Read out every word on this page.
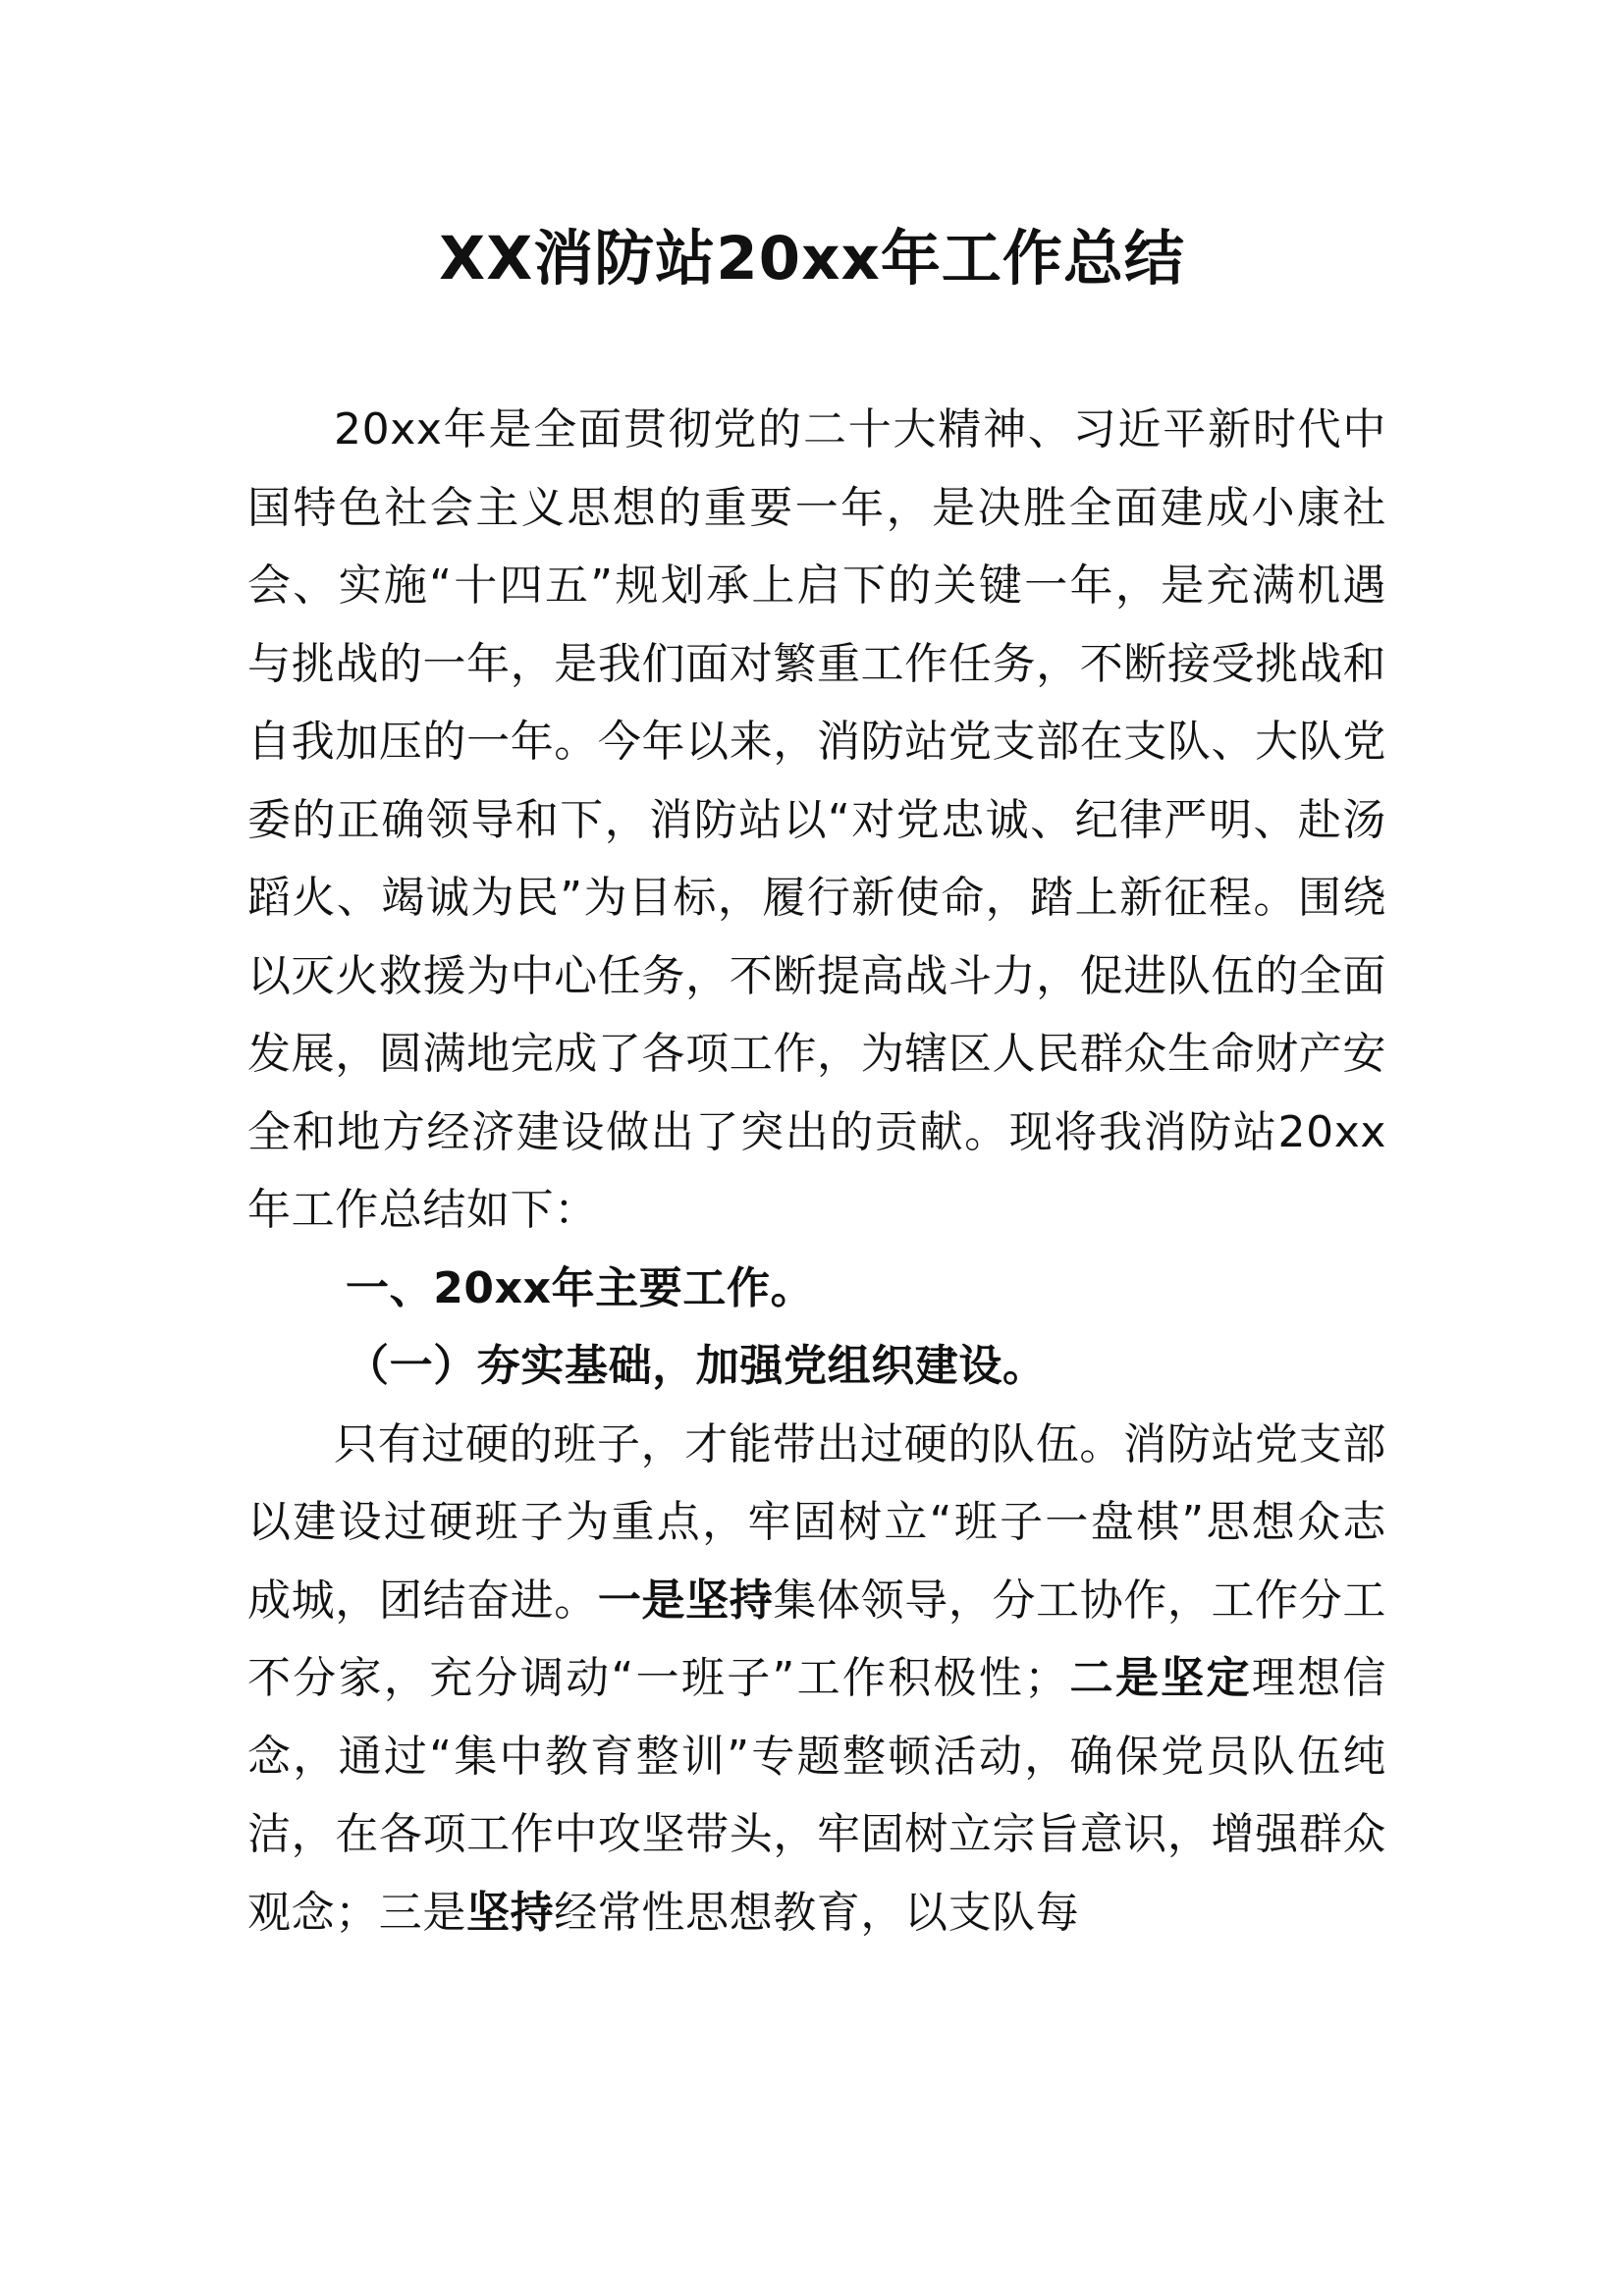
XX消防站20xx年工作总结

20xx年是全面贯彻党的二十大精神、习近平新时代中国特色社会主义思想的重要一年，是决胜全面建成小康社会、实施“十四五”规划承上启下的关键一年，是充满机遇与挑战的一年，是我们面对繁重工作任务，不断接受挑战和自我加压的一年。今年以来，消防站党支部在支队、大队党委的正确领导和下，消防站以“对党忠诚、纪律严明、赴汤蹈火、竭诚为民”为目标，履行新使命，踏上新征程。围绕以灭火救援为中心任务，不断提高战斗力，促进队伍的全面发展，圆满地完成了各项工作，为辖区人民群众生命财产安全和地方经济建设做出了突出的贡献。现将我消防站20xx年工作总结如下：

一、20xx年主要工作。

（一）夯实基础，加强党组织建设。

只有过硬的班子，才能带出过硬的队伍。消防站党支部以建设过硬班子为重点，牢固树立“班子一盘棋”思想众志成城，团结奋进。一是坚持集体领导，分工协作，工作分工不分家，充分调动“一班子”工作积极性；二是坚定理想信念，通过“集中教育整训”专题整顿活动，确保党员队伍纯洁，在各项工作中攻坚带头，牢固树立宗旨意识，增强群众观念；三是坚持经常性思想教育，以支队每
